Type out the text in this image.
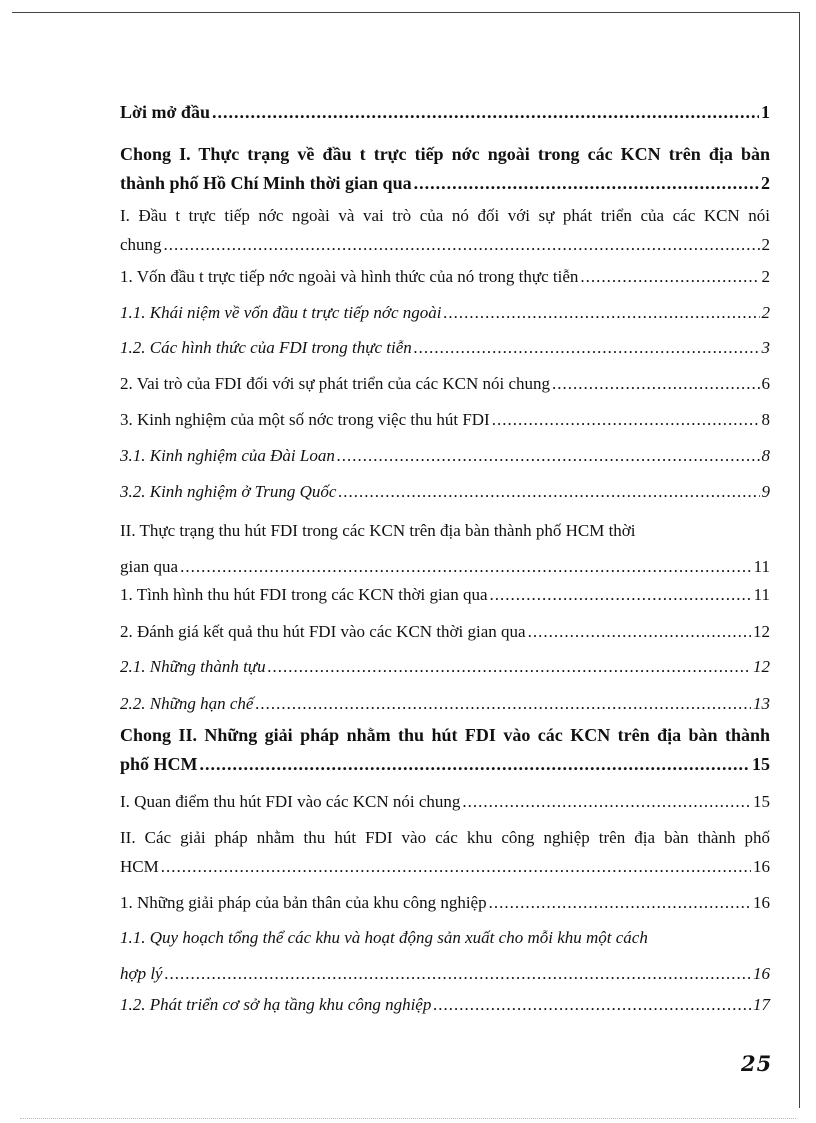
Lời mở đầu .....	1
Chong I. Thực trạng về đầu t trực tiếp nớc ngoài trong các KCN trên địa bàn
thành phố Hồ Chí Minh thời gian qua .....	2
I. Đầu t trực tiếp nớc ngoài và vai trò của nó đối với sự phát triển của các KCN nói
chung .....	2
1. Vốn đầu t trực tiếp nớc ngoài và hình thức của nó trong thực tiễn .....	2
1.1. Khái niệm về vốn đầu t trực tiếp nớc ngoài .....	2
1.2. Các hình thức của FDI trong thực tiễn .....	3
2. Vai trò của FDI đối với sự phát triển của các KCN nói chung .....	6
3. Kinh nghiệm của một số nớc trong việc thu hút FDI .....	8
3.1. Kinh nghiệm của Đài Loan .....	8
3.2. Kinh nghiệm ở Trung Quốc .....	9
II. Thực trạng thu hút FDI trong các KCN trên địa bàn thành phố HCM thời
gian qua .....	11
1. Tình hình thu hút FDI trong các KCN thời gian qua .....	11
2. Đánh giá kết quả thu hút FDI vào các KCN thời gian qua .....	12
2.1. Những thành tựu .....	12
2.2. Những hạn chế .....	13
Chong II. Những giải pháp nhằm thu hút FDI vào các KCN trên địa bàn thành
phố HCM .....	15
I. Quan điểm thu hút FDI vào các KCN nói chung .....	15
II. Các giải pháp nhằm thu hút FDI vào các khu công nghiệp trên địa bàn thành phố
HCM .....	16
1. Những giải pháp của bản thân của khu công nghiệp .....	16
1.1. Quy hoạch tổng thể các khu và hoạt động sản xuất cho mỗi khu một cách
hợp lý .....	16
1.2. Phát triển cơ sở hạ tầng khu công nghiệp .....	17
25
